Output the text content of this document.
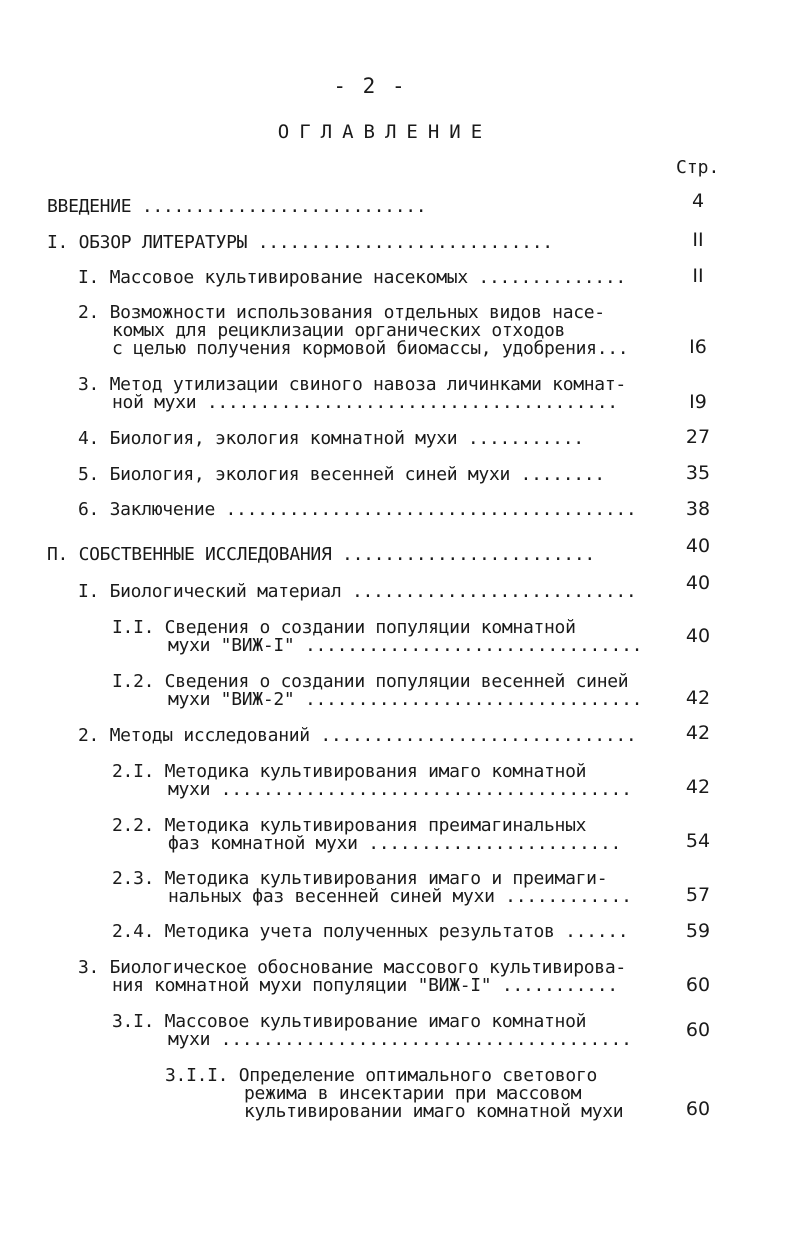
- 2 -
ОГЛАВЛЕНИЕ
Стр.
ВВЕДЕНИЕ ...........................	4
I. ОБЗОР ЛИТЕРАТУРЫ ............................	II
I. Массовое культивирование насекомых ..............	II
2. Возможности использования отдельных видов насе-
комых для рециклизации органических отходов
с целью получения кормовой биомассы, удобрения...	I6
3. Метод утилизации свиного навоза личинками комнат-
ной мухи .......................................	I9
4. Биология, экология комнатной мухи ...........	27
5. Биология, экология весенней синей мухи ........	35
6. Заключение .......................................	38
П. СОБСТВЕННЫЕ ИССЛЕДОВАНИЯ ........................	40
I. Биологический материал ...........................	40
I.I. Сведения о создании популяции комнатной
мухи "ВИЖ-I" ................................	40
I.2. Сведения о создании популяции весенней синей
мухи "ВИЖ-2" ................................	42
2. Методы исследований ..............................	42
2.I. Методика культивирования имаго комнатной
мухи .......................................	42
2.2. Методика культивирования преимагинальных
фаз комнатной мухи ........................	54
2.3. Методика культивирования имаго и преимаги-
нальных фаз весенней синей мухи ............	57
2.4. Методика учета полученных результатов ......	59
3. Биологическое обоснование массового культивирова-
ния комнатной мухи популяции "ВИЖ-I" ...........	60
3.I. Массовое культивирование имаго комнатной
мухи .......................................	60
3.I.I. Определение оптимального светового
режима в инсектарии при массовом
культивировании имаго комнатной мухи	60
